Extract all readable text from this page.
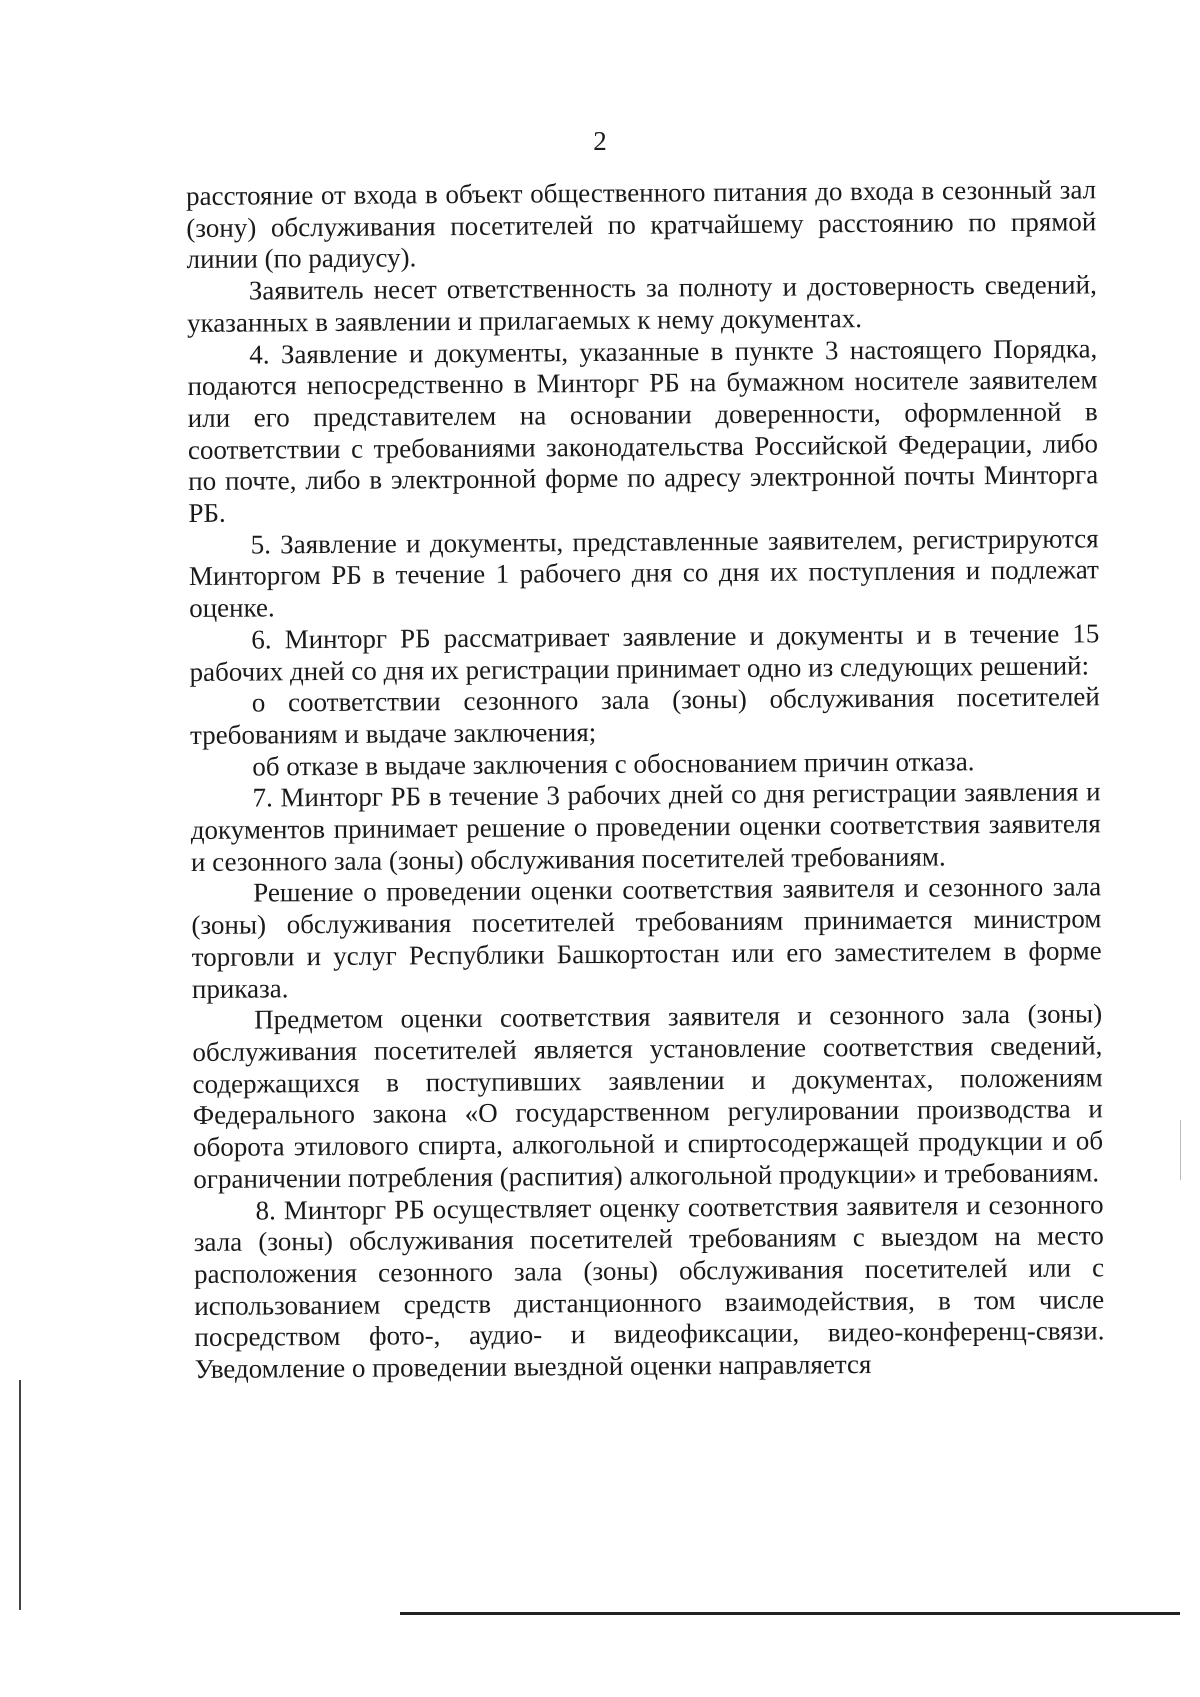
2

расстояние от входа в объект общественного питания до входа в сезонный зал (зону) обслуживания посетителей по кратчайшему расстоянию по прямой линии (по радиусу).

Заявитель несет ответственность за полноту и достоверность сведений, указанных в заявлении и прилагаемых к нему документах.

4. Заявление и документы, указанные в пункте 3 настоящего Порядка, подаются непосредственно в Минторг РБ на бумажном носителе заявителем или его представителем на основании доверенности, оформленной в соответствии с требованиями законодательства Российской Федерации, либо по почте, либо в электронной форме по адресу электронной почты Минторга РБ.

5. Заявление и документы, представленные заявителем, регистрируются Минторгом РБ в течение 1 рабочего дня со дня их поступления и подлежат оценке.

6. Минторг РБ рассматривает заявление и документы и в течение 15 рабочих дней со дня их регистрации принимает одно из следующих решений:

о соответствии сезонного зала (зоны) обслуживания посетителей требованиям и выдаче заключения;

об отказе в выдаче заключения с обоснованием причин отказа.

7. Минторг РБ в течение 3 рабочих дней со дня регистрации заявления и документов принимает решение о проведении оценки соответствия заявителя и сезонного зала (зоны) обслуживания посетителей требованиям.

Решение о проведении оценки соответствия заявителя и сезонного зала (зоны) обслуживания посетителей требованиям принимается министром торговли и услуг Республики Башкортостан или его заместителем в форме приказа.

Предметом оценки соответствия заявителя и сезонного зала (зоны) обслуживания посетителей является установление соответствия сведений, содержащихся в поступивших заявлении и документах, положениям Федерального закона «О государственном регулировании производства и оборота этилового спирта, алкогольной и спиртосодержащей продукции и об ограничении потребления (распития) алкогольной продукции» и требованиям.

8. Минторг РБ осуществляет оценку соответствия заявителя и сезонного зала (зоны) обслуживания посетителей требованиям с выездом на место расположения сезонного зала (зоны) обслуживания посетителей или с использованием средств дистанционного взаимодействия, в том числе посредством фото-, аудио- и видеофиксации, видео-конференц-связи. Уведомление о проведении выездной оценки направляется
